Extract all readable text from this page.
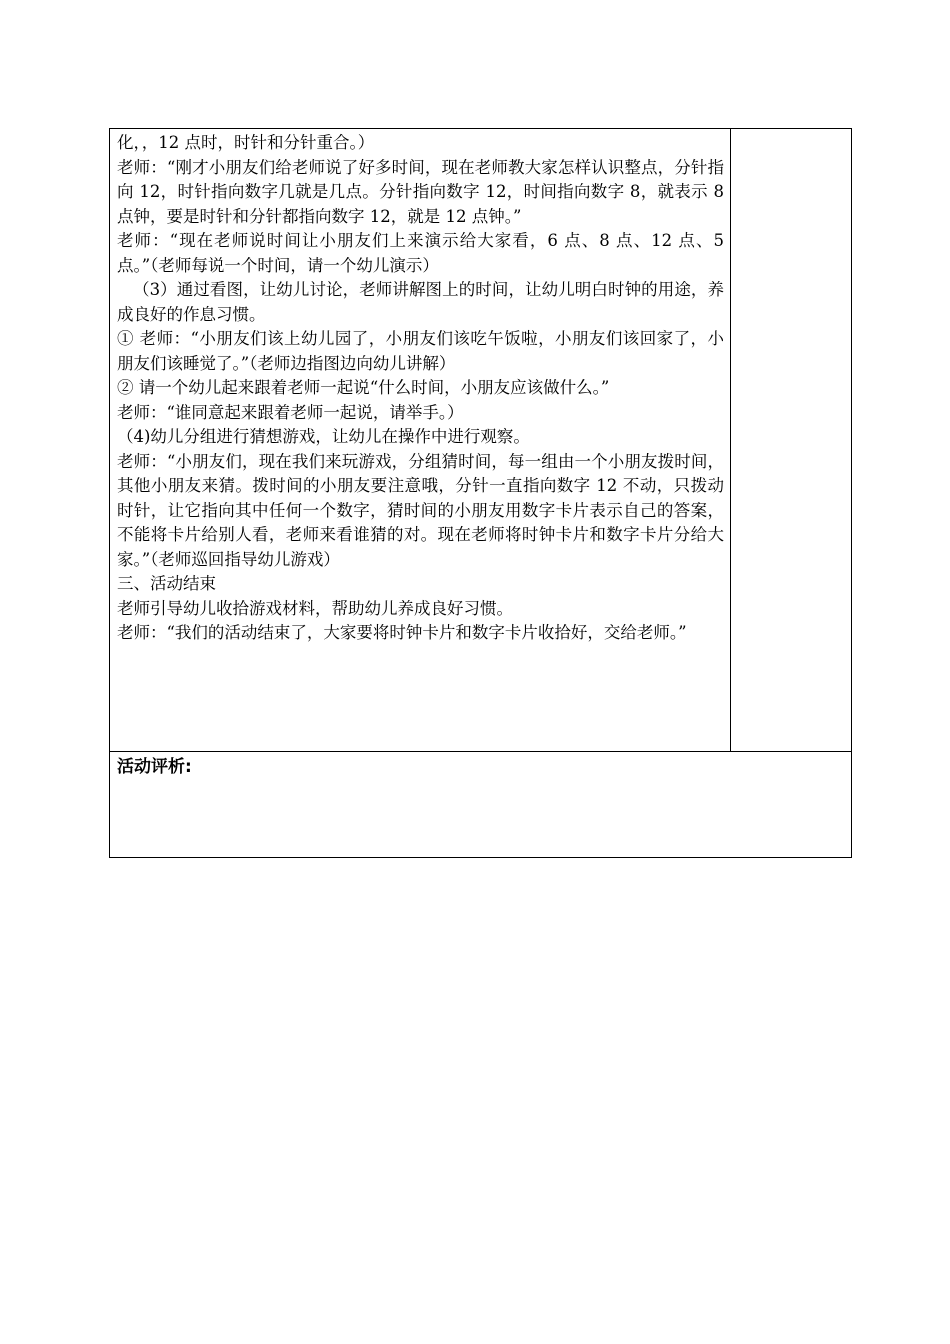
化，，12 点时，时针和分针重合。）

老师：“刚才小朋友们给老师说了好多时间，现在老师教大家怎样认识整点，分针指向 12，时针指向数字几就是几点。分针指向数字 12，时间指向数字 8，就表示 8 点钟，要是时针和分针都指向数字 12，就是 12 点钟。”

老师：“现在老师说时间让小朋友们上来演示给大家看，6 点、8 点、12 点、5 点。”（老师每说一个时间，请一个幼儿演示）

（3）通过看图，让幼儿讨论，老师讲解图上的时间，让幼儿明白时钟的用途，养成良好的作息习惯。

① 老师：“小朋友们该上幼儿园了，小朋友们该吃午饭啦，小朋友们该回家了，小朋友们该睡觉了。”（老师边指图边向幼儿讲解）

② 请一个幼儿起来跟着老师一起说“什么时间，小朋友应该做什么。”

老师：“谁同意起来跟着老师一起说，请举手。）

（4)幼儿分组进行猜想游戏，让幼儿在操作中进行观察。

老师：“小朋友们，现在我们来玩游戏，分组猜时间，每一组由一个小朋友拨时间，其他小朋友来猜。拨时间的小朋友要注意哦，分针一直指向数字 12 不动，只拨动时针，让它指向其中任何一个数字，猜时间的小朋友用数字卡片表示自己的答案，不能将卡片给别人看，老师来看谁猜的对。现在老师将时钟卡片和数字卡片分给大家。”（老师巡回指导幼儿游戏）

三、活动结束

老师引导幼儿收拾游戏材料，帮助幼儿养成良好习惯。

老师：“我们的活动结束了，大家要将时钟卡片和数字卡片收拾好，交给老师。”

活动评析:
